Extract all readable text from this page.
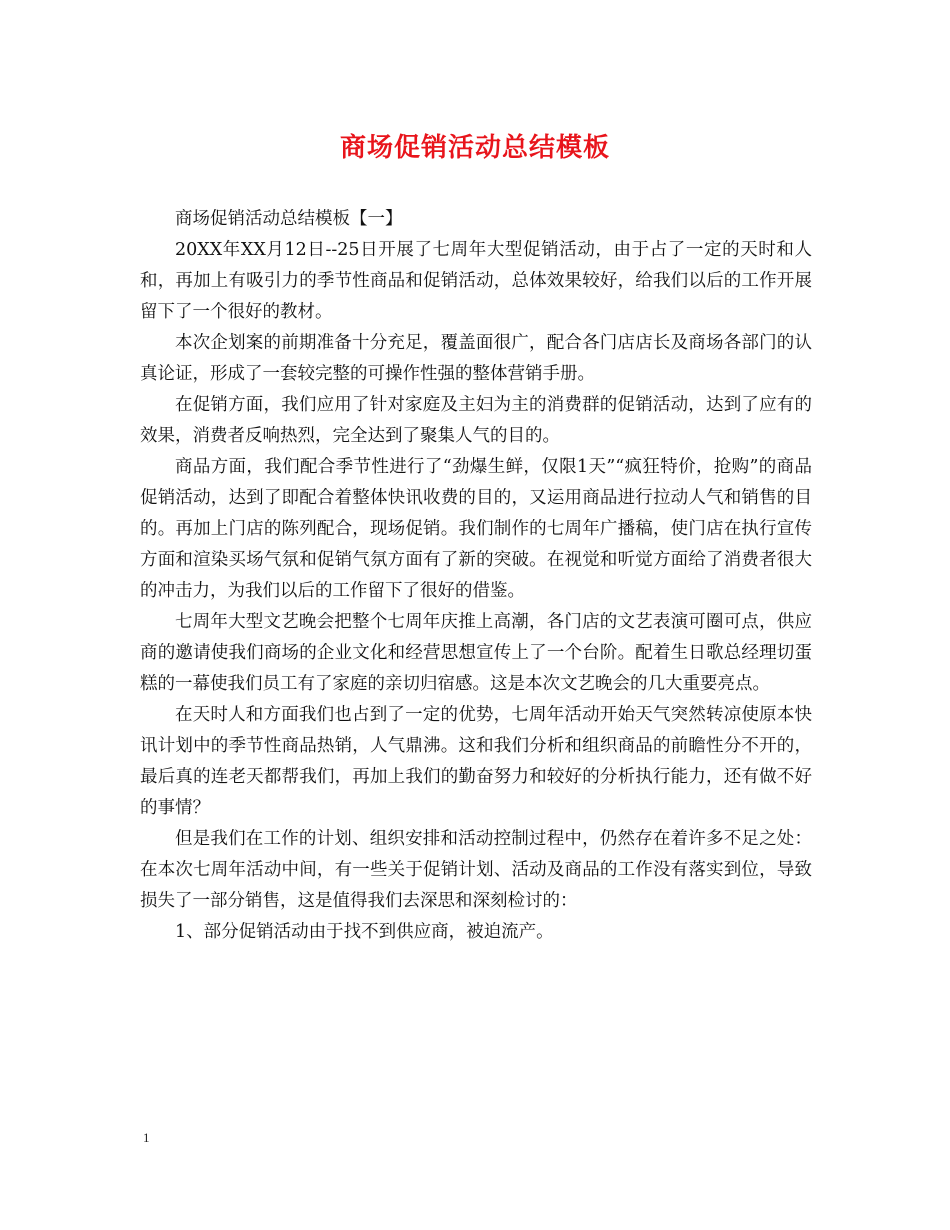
商场促销活动总结模板

商场促销活动总结模板【一】

20XX年XX月12日--25日开展了七周年大型促销活动，由于占了一定的天时和人和，再加上有吸引力的季节性商品和促销活动，总体效果较好，给我们以后的工作开展留下了一个很好的教材。

本次企划案的前期准备十分充足，覆盖面很广，配合各门店店长及商场各部门的认真论证，形成了一套较完整的可操作性强的整体营销手册。

在促销方面，我们应用了针对家庭及主妇为主的消费群的促销活动，达到了应有的效果，消费者反响热烈，完全达到了聚集人气的目的。

商品方面，我们配合季节性进行了“劲爆生鲜，仅限1天”“疯狂特价，抢购”的商品促销活动，达到了即配合着整体快讯收费的目的，又运用商品进行拉动人气和销售的目的。再加上门店的陈列配合，现场促销。我们制作的七周年广播稿，使门店在执行宣传方面和渲染买场气氛和促销气氛方面有了新的突破。在视觉和听觉方面给了消费者很大的冲击力，为我们以后的工作留下了很好的借鉴。

七周年大型文艺晚会把整个七周年庆推上高潮，各门店的文艺表演可圈可点，供应商的邀请使我们商场的企业文化和经营思想宣传上了一个台阶。配着生日歌总经理切蛋糕的一幕使我们员工有了家庭的亲切归宿感。这是本次文艺晚会的几大重要亮点。

在天时人和方面我们也占到了一定的优势，七周年活动开始天气突然转凉使原本快讯计划中的季节性商品热销，人气鼎沸。这和我们分析和组织商品的前瞻性分不开的，最后真的连老天都帮我们，再加上我们的勤奋努力和较好的分析执行能力，还有做不好的事情？

但是我们在工作的计划、组织安排和活动控制过程中，仍然存在着许多不足之处：在本次七周年活动中间，有一些关于促销计划、活动及商品的工作没有落实到位，导致损失了一部分销售，这是值得我们去深思和深刻检讨的：

1、部分促销活动由于找不到供应商，被迫流产。

1
